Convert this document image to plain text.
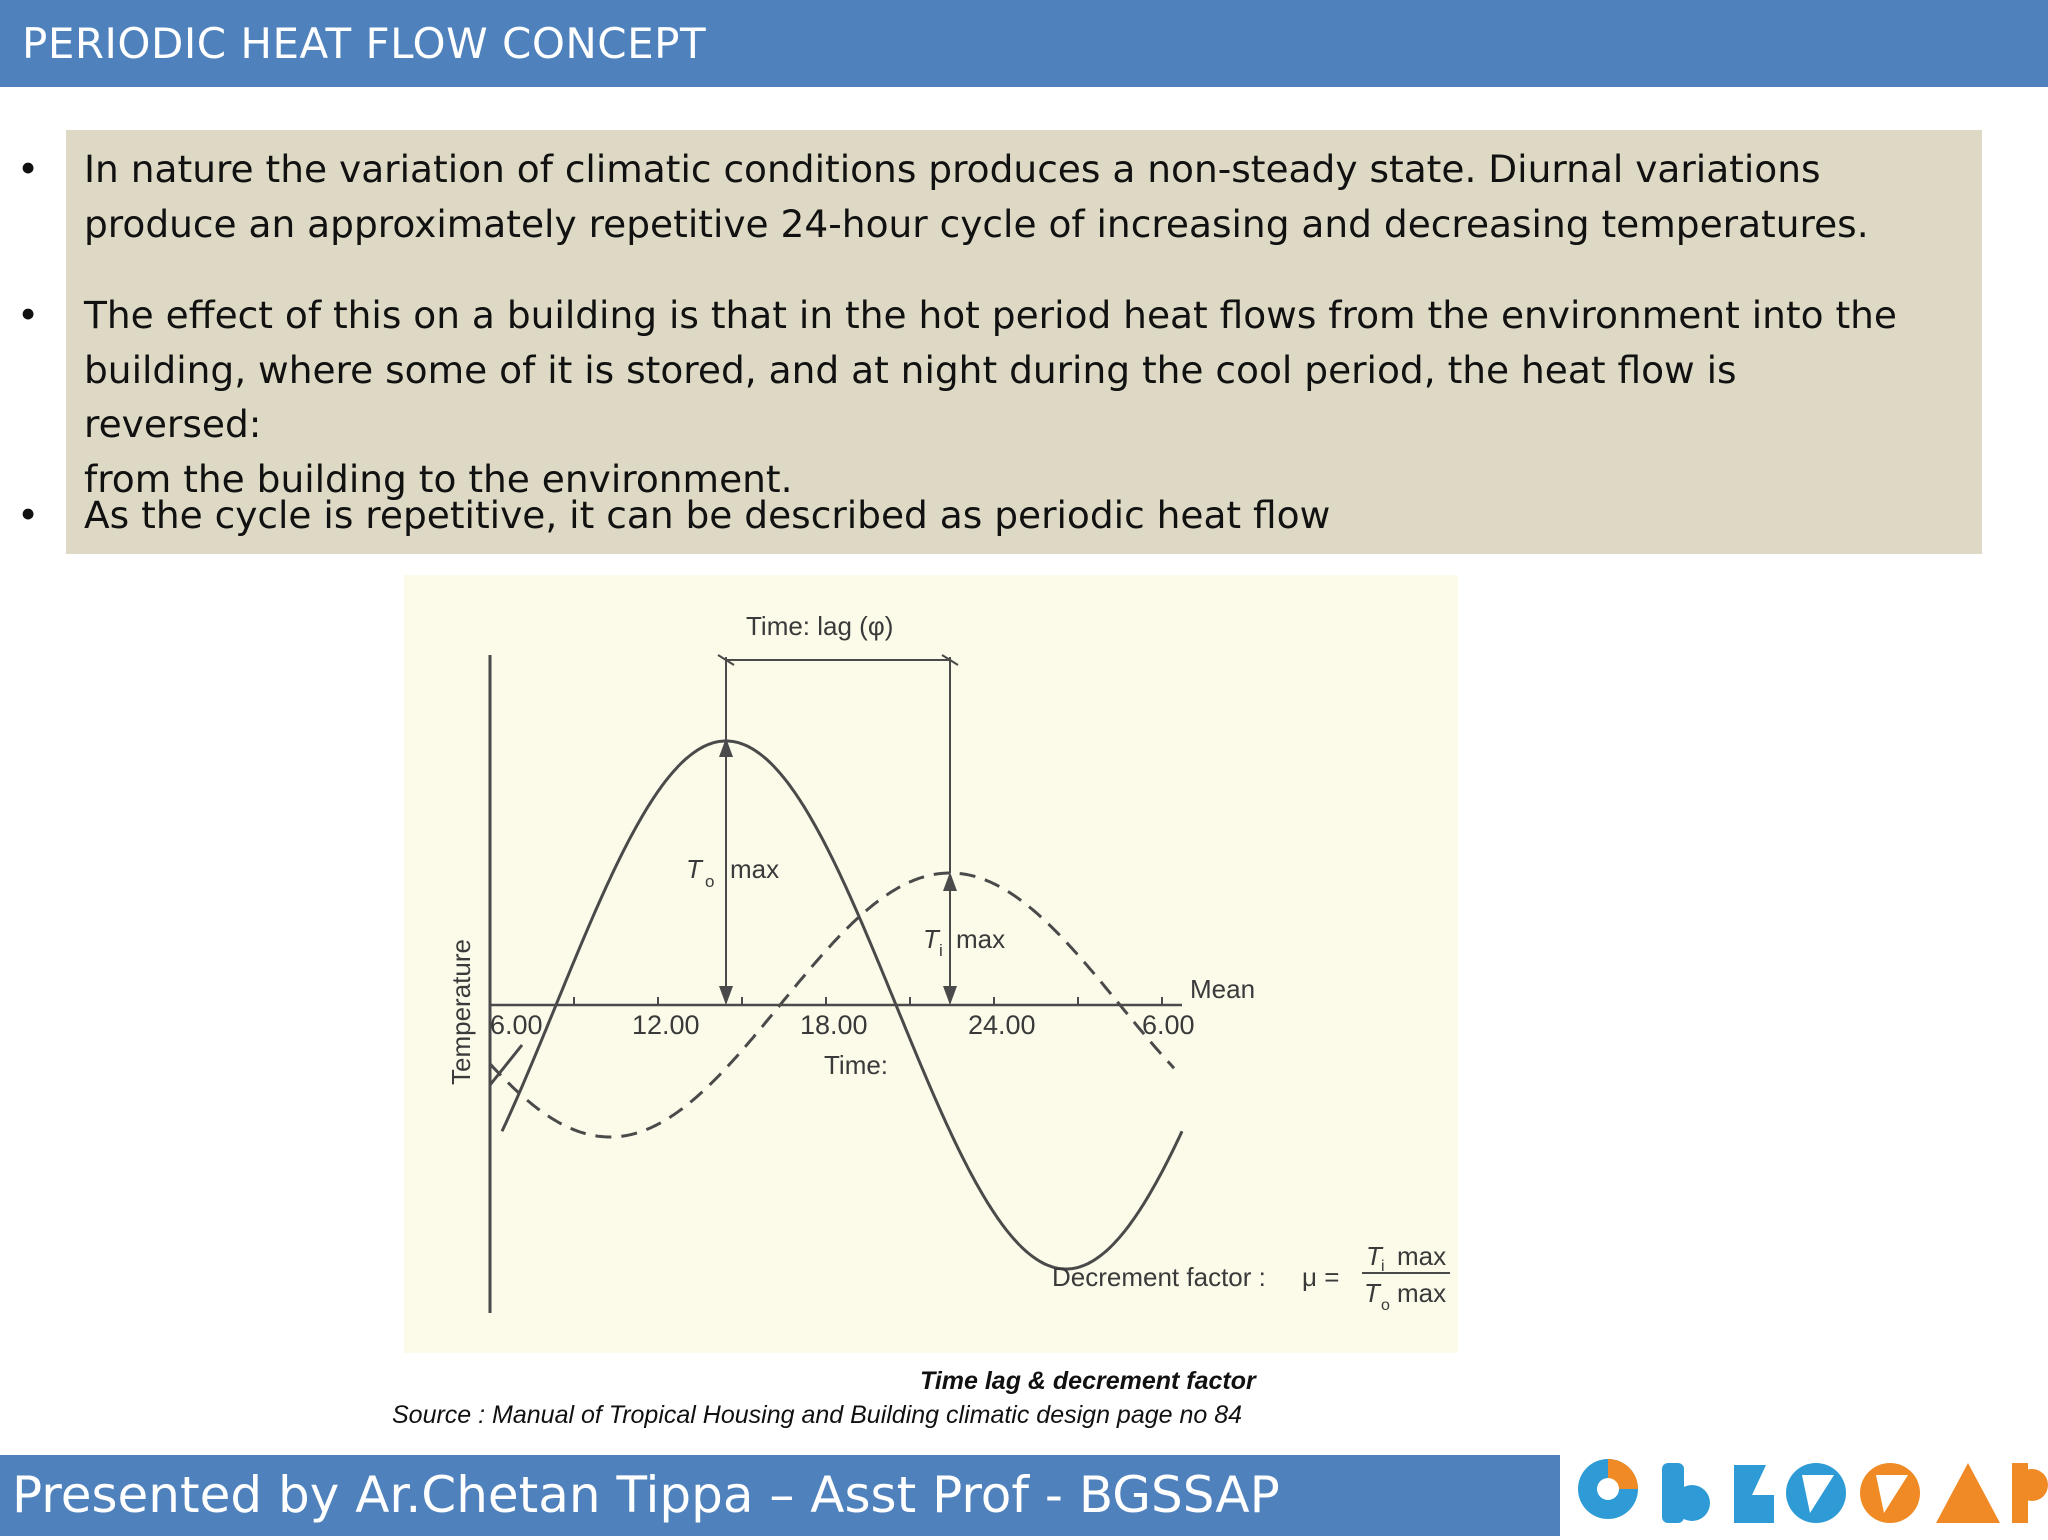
PERIODIC HEAT FLOW CONCEPT
• In nature the variation of climatic conditions produces a non-steady state. Diurnal variations
produce an approximately repetitive 24-hour cycle of increasing and decreasing temperatures.
• The effect of this on a building is that in the hot period heat flows from the environment into the
building, where some of it is stored, and at night during the cool period, the heat flow is reversed:
from the building to the environment.
• As the cycle is repetitive, it can be described as periodic heat flow
Time: lag (φ)
T o max
T i max
Mean
6.00	12.00	18.00	24.00	6.00
Time:
Temperature
Decrement factor : μ =
T i max
T o max
Time lag & decrement factor
Source : Manual of Tropical Housing and Building climatic design page no 84
Presented by Ar.Chetan Tippa – Asst Prof - BGSSAP
